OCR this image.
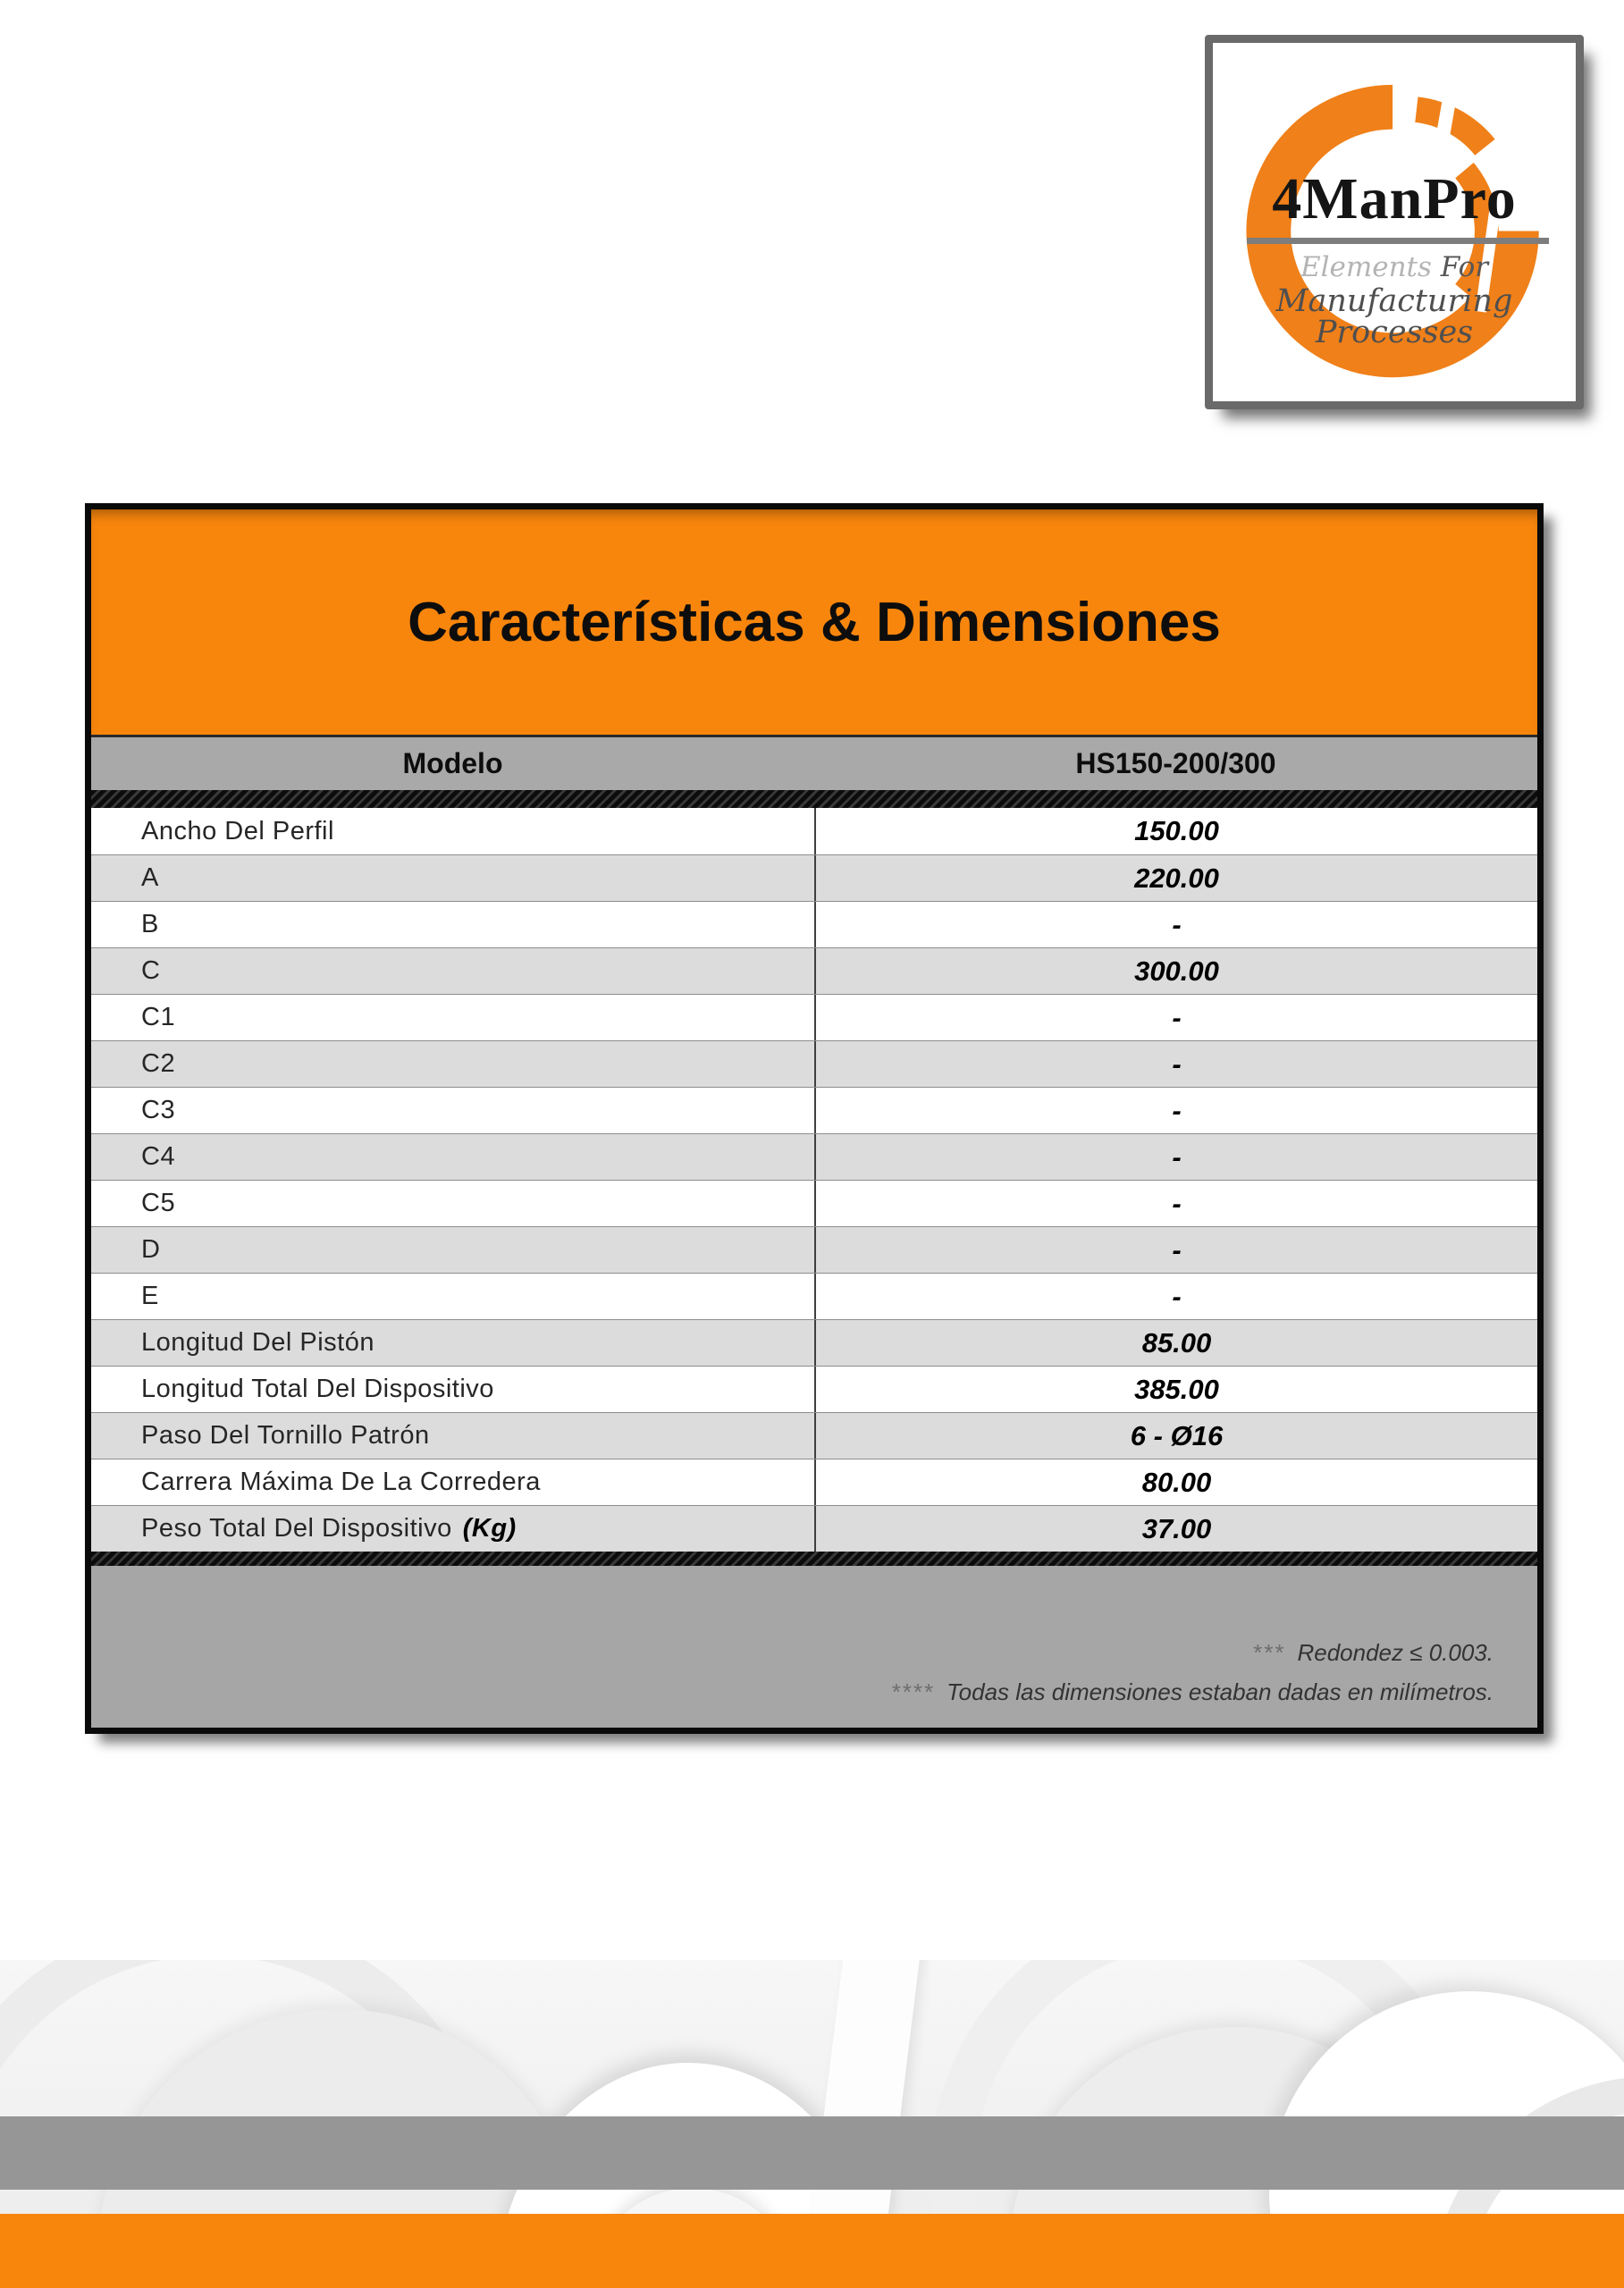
4ManPro
Elements For
Manufacturing Processes
Características & Dimensiones
Modelo	HS150-200/300
Ancho Del Perfil	150.00
A	220.00
B	-
C	300.00
C1	-
C2	-
C3	-
C4	-
C5	-
D	-
E	-
Longitud Del Pistón	85.00
Longitud Total Del Dispositivo	385.00
Paso Del Tornillo Patrón	6 - Ø16
Carrera Máxima De La Corredera	80.00
Peso Total Del Dispositivo (Kg)	37.00
*** Redondez ≤ 0.003.
**** Todas las dimensiones estaban dadas en milímetros.
